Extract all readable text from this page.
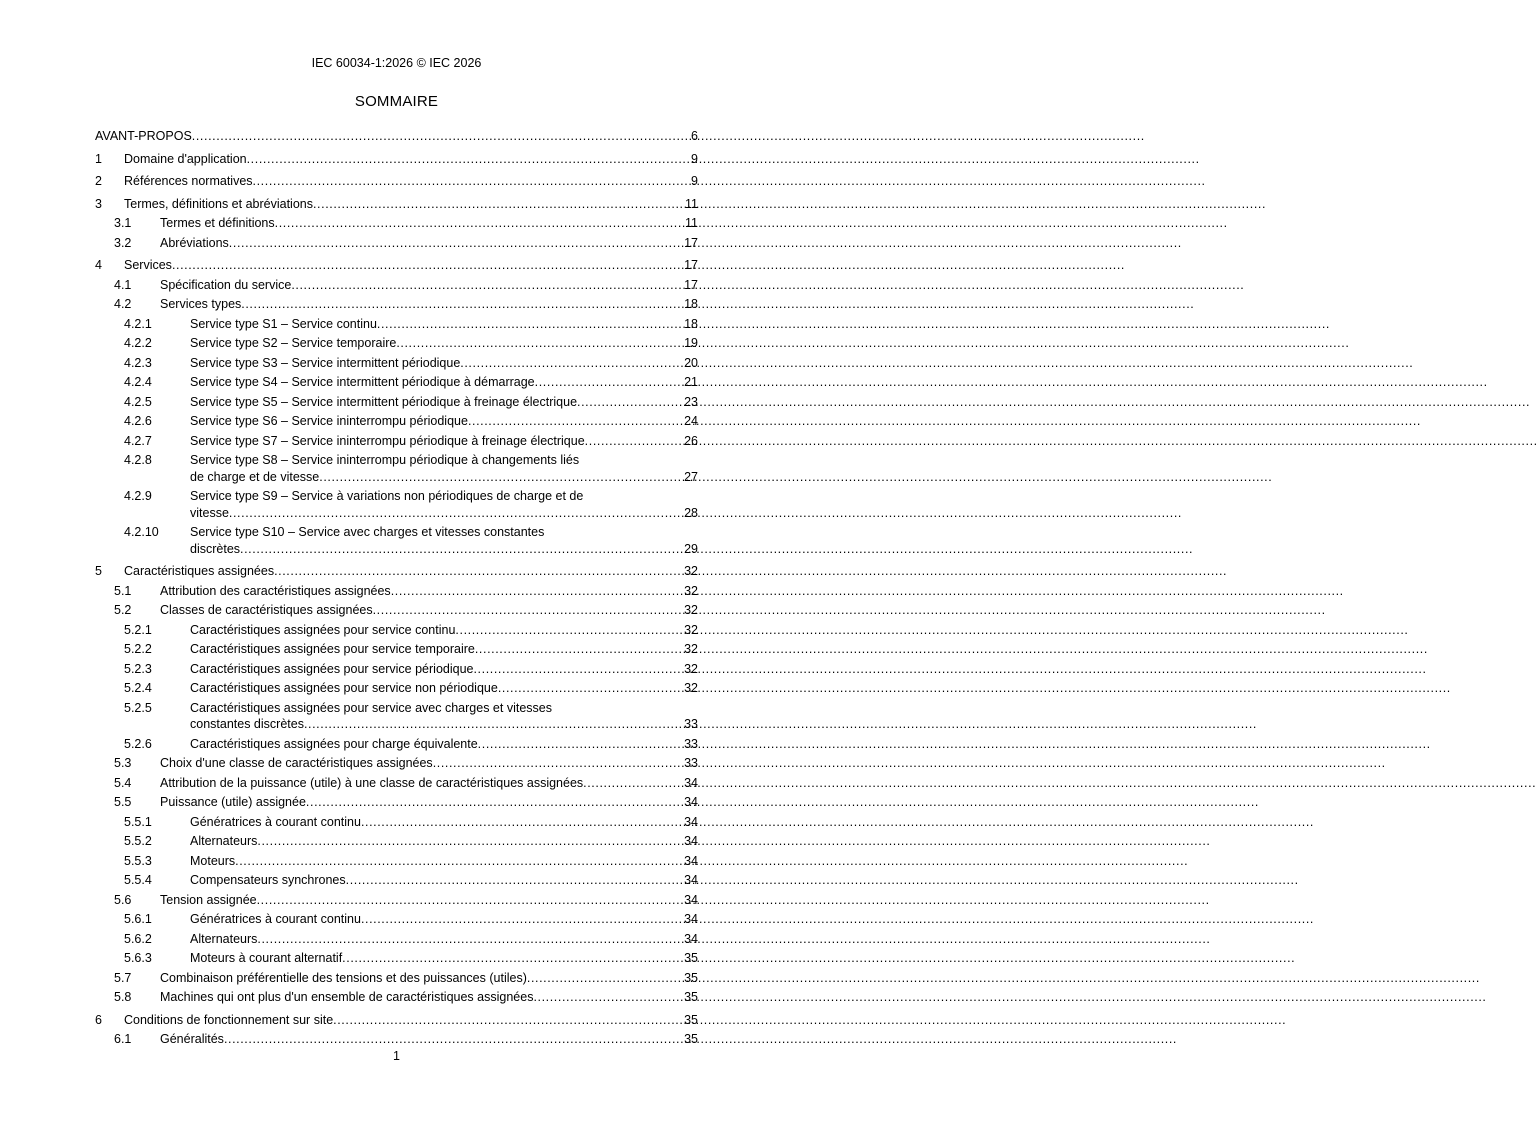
IEC 60034-1:2026 © IEC 2026
SOMMAIRE
AVANT-PROPOS .....	6
1 Domaine d'application .....	9
2 Références normatives .....	9
3 Termes, définitions et abréviations .....	11
3.1 Termes et définitions .....	11
3.2 Abréviations .....	17
4 Services .....	17
4.1 Spécification du service .....	17
4.2 Services types .....	18
4.2.1	Service type S1 – Service continu .....	18
4.2.2	Service type S2 – Service temporaire .....	19
4.2.3	Service type S3 – Service intermittent périodique .....	20
4.2.4	Service type S4 – Service intermittent périodique à démarrage .....	21
4.2.5	Service type S5 – Service intermittent périodique à freinage électrique .....	23
4.2.6	Service type S6 – Service ininterrompu périodique .....	24
4.2.7	Service type S7 – Service ininterrompu périodique à freinage électrique .....	26
4.2.8	Service type S8 – Service ininterrompu périodique à changements liés
de charge et de vitesse .....	27
4.2.9	Service type S9 – Service à variations non périodiques de charge et de
vitesse .....	28
4.2.10 Service type S10 – Service avec charges et vitesses constantes
discrètes .....	29
5 Caractéristiques assignées .....	32
5.1 Attribution des caractéristiques assignées .....	32
5.2 Classes de caractéristiques assignées .....	32
5.2.1	Caractéristiques assignées pour service continu .....	32
5.2.2	Caractéristiques assignées pour service temporaire .....	32
5.2.3	Caractéristiques assignées pour service périodique .....	32
5.2.4	Caractéristiques assignées pour service non périodique .....	32
5.2.5	Caractéristiques assignées pour service avec charges et vitesses
constantes discrètes .....	33
5.2.6	Caractéristiques assignées pour charge équivalente .....	33
5.3 Choix d'une classe de caractéristiques assignées .....	33
5.4 Attribution de la puissance (utile) à une classe de caractéristiques assignées .....	34
5.5 Puissance (utile) assignée .....	34
5.5.1	Génératrices à courant continu .....	34
5.5.2	Alternateurs .....	34
5.5.3	Moteurs .....	34
5.5.4	Compensateurs synchrones .....	34
5.6 Tension assignée .....	34
5.6.1	Génératrices à courant continu .....	34
5.6.2	Alternateurs .....	34
5.6.3	Moteurs à courant alternatif .....	35
5.7 Combinaison préférentielle des tensions et des puissances (utiles) .....	35
5.8 Machines qui ont plus d'un ensemble de caractéristiques assignées .....	35
6 Conditions de fonctionnement sur site .....	35
6.1 Généralités .....	35
1
